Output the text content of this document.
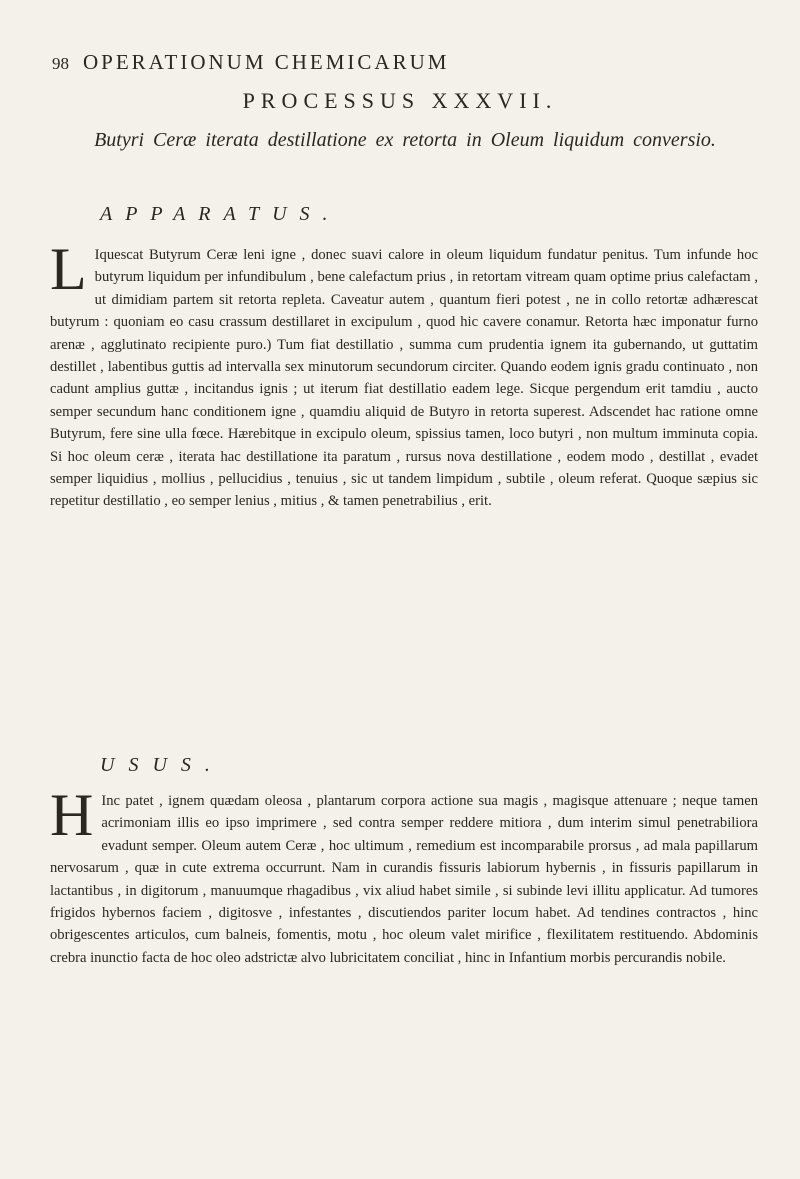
98 OPERATIONUM CHEMICARUM
PROCESSUS XXXVII.
Butyri Ceræ iterata destillatione ex retorta in Oleum liquidum conversio.
APPARATUS.
L Iquescat Butyrum Ceræ leni igne , donec suavi calore in oleum liquidum fundatur penitus. Tum infunde hoc butyrum liquidum per infundibulum , bene calefactum prius , in retortam vitream quam optime prius calefactam , ut dimidiam partem sit retorta repleta. Caveatur autem , quantum fieri potest , ne in collo retortæ adhærescat butyrum : quoniam eo casu crassum destillaret in excipulum , quod hic cavere conamur. Retorta hæc imponatur furno arenæ , agglutinato recipiente puro.) Tum fiat destillatio , summa cum prudentia ignem ita gubernando, ut guttatim destillet , labentibus guttis ad intervalla sex minutorum secundorum circiter. Quando eodem ignis gradu continuato , non cadunt amplius guttæ , incitandus ignis ; ut iterum fiat destillatio eadem lege. Sicque pergendum erit tamdiu , aucto semper secundum hanc conditionem igne , quamdiu aliquid de Butyro in retorta superest. Adscendet hac ratione omne Butyrum, fere sine ulla fœce. Hærebitque in excipulo oleum, spissius tamen, loco butyri , non multum imminuta copia. Si hoc oleum ceræ , iterata hac destillatione ita paratum , rursus nova destillatione , eodem modo , destillat , evadet semper liquidius , mollius , pellucidius , tenuius , sic ut tandem limpidum , subtile , oleum referat. Quoque sæpius sic repetitur destillatio , eo semper lenius , mitius , & tamen penetrabilius , erit.
USUS.
H Inc patet , ignem quædam oleosa , plantarum corpora actione sua magis , magisque attenuare ; neque tamen acrimoniam illis eo ipso imprimere , sed contra semper reddere mitiora , dum interim simul penetrabiliora evadunt semper. Oleum autem Ceræ , hoc ultimum , remedium est incomparabile prorsus , ad mala papillarum nervosarum , quæ in cute extrema occurrunt. Nam in curandis fissuris labiorum hybernis , in fissuris papillarum in lactantibus , in digitorum , manuumque rhagadibus , vix aliud habet simile , si subinde levi illitu applicatur. Ad tumores frigidos hybernos faciem , digitosve , infestantes , discutiendos pariter locum habet. Ad tendines contractos , hinc obrigescentes articulos, cum balneis, fomentis, motu , hoc oleum valet mirifice , flexilitatem restituendo. Abdominis crebra inunctio facta de hoc oleo adstrictæ alvo lubricitatem conciliat , hinc in Infantium morbis percurandis nobile.
